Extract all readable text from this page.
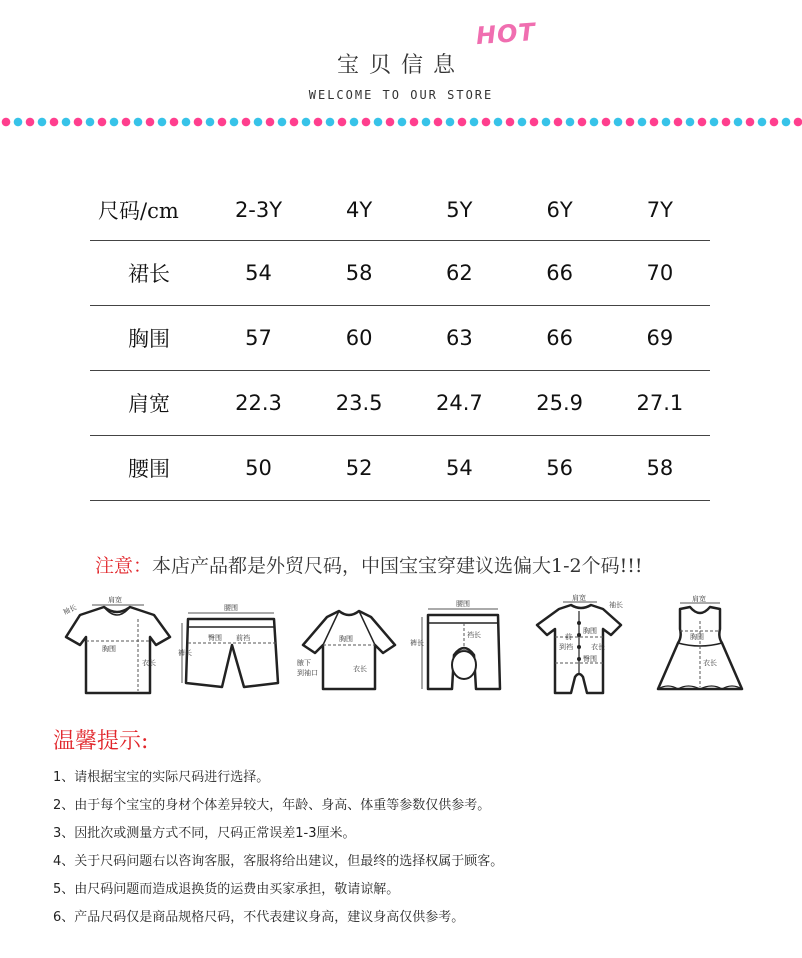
宝贝信息
HOT
WELCOME TO OUR STORE
尺码/cm	2-3Y	4Y	5Y	6Y	7Y
裙长	54	58	62	66	70
胸围	57	60	63	66	69
肩宽	22.3	23.5	24.7	25.9	27.1
腰围	50	52	54	56	58
注意：本店产品都是外贸尺码，中国宝宝穿建议选偏大1-2个码!!!
肩宽
袖长
胸围
衣长
腰围
臀围 前裆
裤长
胸围
腋下
到袖口	衣长
腰围
裆长
裤长
肩宽
袖长
前
到裆
胸围
臀围
衣长
肩宽
胸围
衣长
温馨提示:
1、请根据宝宝的实际尺码进行选择。
2、由于每个宝宝的身材个体差异较大，年龄、身高、体重等参数仅供参考。
3、因批次或测量方式不同，尺码正常误差1-3厘米。
4、关于尺码问题右以咨询客服，客服将给出建议，但最终的选择权属于顾客。
5、由尺码问题而造成退换货的运费由买家承担，敬请谅解。
6、产品尺码仅是商品规格尺码，不代表建议身高，建议身高仅供参考。
